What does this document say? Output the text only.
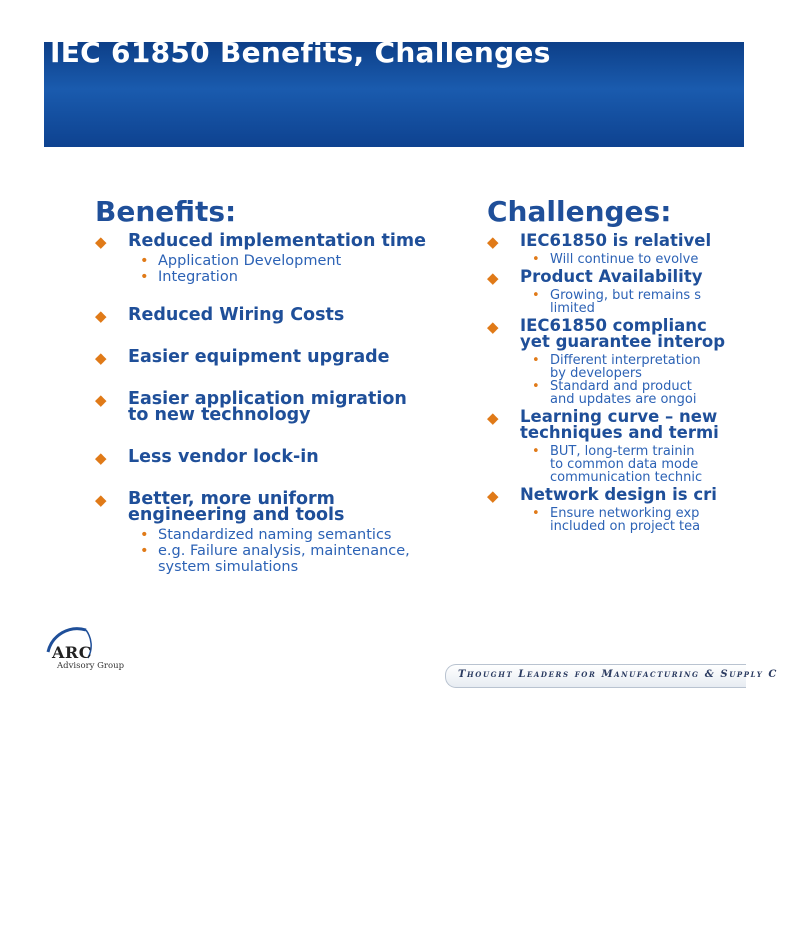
IEC 61850 Benefits, Challenges
Benefits:
◆ Reduced implementation time
• Application Development
• Integration
◆ Reduced Wiring Costs
◆ Easier equipment upgrade
◆ Easier application migration
to new technology
◆ Less vendor lock-in
◆ Better, more uniform
engineering and tools
• Standardized naming semantics
• e.g. Failure analysis, maintenance,
system simulations
Challenges:
◆ IEC61850 is relativel
• Will continue to evolve
◆ Product Availability
• Growing, but remains s
limited
◆ IEC61850 complianc
yet guarantee interop
• Different interpretation
by developers
• Standard and product
and updates are ongoi
◆ Learning curve – new
techniques and termi
• BUT, long-term trainin
to common data mode
communication technic
◆ Network design is cri
• Ensure networking exp
included on project tea
ARC
Advisory Group
Thought Leaders for Manufacturing & Supply C
